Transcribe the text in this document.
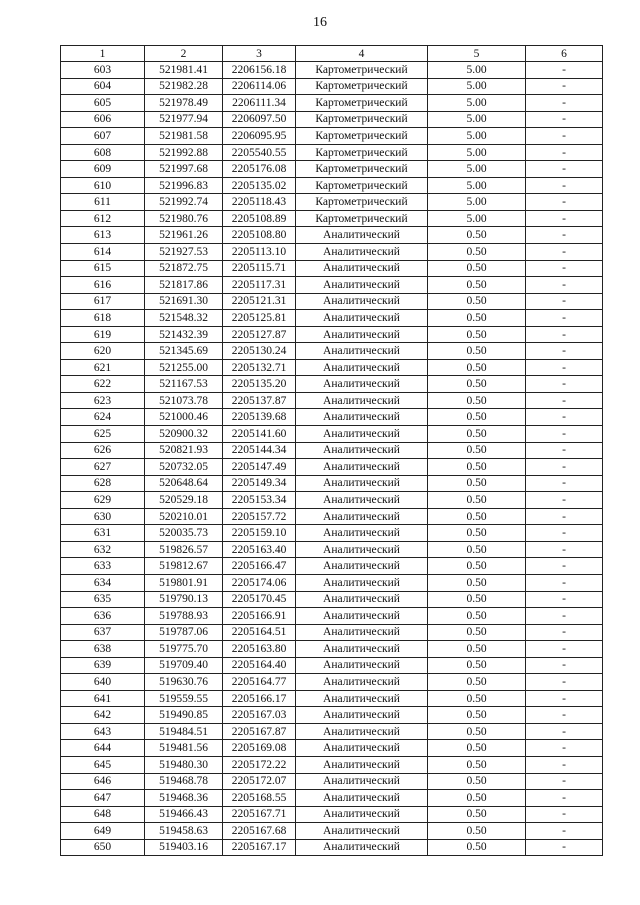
16
1	2	3	4	5	6
603	521981.41	2206156.18	Картометрический	5.00	-
604	521982.28	2206114.06	Картометрический	5.00	-
605	521978.49	2206111.34	Картометрический	5.00	-
606	521977.94	2206097.50	Картометрический	5.00	-
607	521981.58	2206095.95	Картометрический	5.00	-
608	521992.88	2205540.55	Картометрический	5.00	-
609	521997.68	2205176.08	Картометрический	5.00	-
610	521996.83	2205135.02	Картометрический	5.00	-
611	521992.74	2205118.43	Картометрический	5.00	-
612	521980.76	2205108.89	Картометрический	5.00	-
613	521961.26	2205108.80	Аналитический	0.50	-
614	521927.53	2205113.10	Аналитический	0.50	-
615	521872.75	2205115.71	Аналитический	0.50	-
616	521817.86	2205117.31	Аналитический	0.50	-
617	521691.30	2205121.31	Аналитический	0.50	-
618	521548.32	2205125.81	Аналитический	0.50	-
619	521432.39	2205127.87	Аналитический	0.50	-
620	521345.69	2205130.24	Аналитический	0.50	-
621	521255.00	2205132.71	Аналитический	0.50	-
622	521167.53	2205135.20	Аналитический	0.50	-
623	521073.78	2205137.87	Аналитический	0.50	-
624	521000.46	2205139.68	Аналитический	0.50	-
625	520900.32	2205141.60	Аналитический	0.50	-
626	520821.93	2205144.34	Аналитический	0.50	-
627	520732.05	2205147.49	Аналитический	0.50	-
628	520648.64	2205149.34	Аналитический	0.50	-
629	520529.18	2205153.34	Аналитический	0.50	-
630	520210.01	2205157.72	Аналитический	0.50	-
631	520035.73	2205159.10	Аналитический	0.50	-
632	519826.57	2205163.40	Аналитический	0.50	-
633	519812.67	2205166.47	Аналитический	0.50	-
634	519801.91	2205174.06	Аналитический	0.50	-
635	519790.13	2205170.45	Аналитический	0.50	-
636	519788.93	2205166.91	Аналитический	0.50	-
637	519787.06	2205164.51	Аналитический	0.50	-
638	519775.70	2205163.80	Аналитический	0.50	-
639	519709.40	2205164.40	Аналитический	0.50	-
640	519630.76	2205164.77	Аналитический	0.50	-
641	519559.55	2205166.17	Аналитический	0.50	-
642	519490.85	2205167.03	Аналитический	0.50	-
643	519484.51	2205167.87	Аналитический	0.50	-
644	519481.56	2205169.08	Аналитический	0.50	-
645	519480.30	2205172.22	Аналитический	0.50	-
646	519468.78	2205172.07	Аналитический	0.50	-
647	519468.36	2205168.55	Аналитический	0.50	-
648	519466.43	2205167.71	Аналитический	0.50	-
649	519458.63	2205167.68	Аналитический	0.50	-
650	519403.16	2205167.17	Аналитический	0.50	-
